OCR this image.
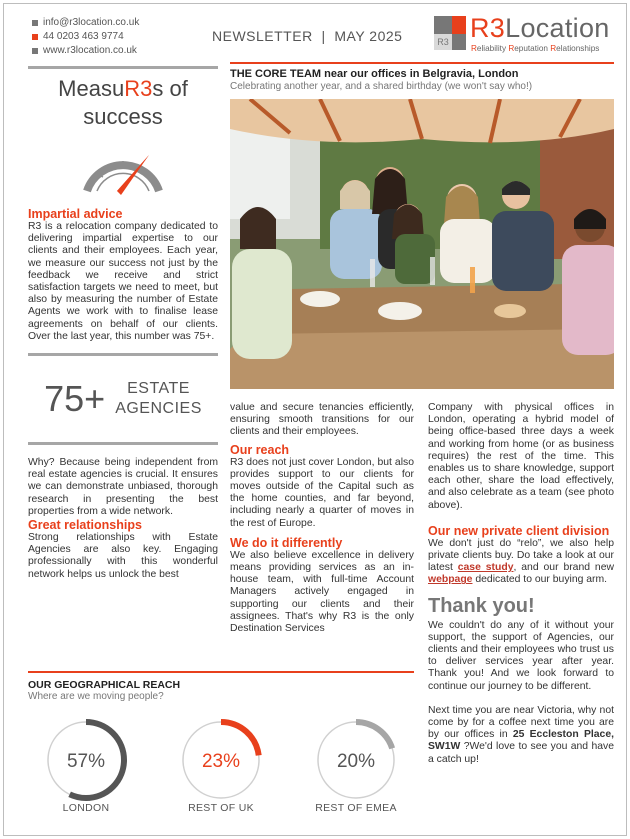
info@r3location.co.uk
44 0203 463 9774
www.r3location.co.uk
NEWSLETTER  |  MAY 2025	R3 R3Location
Reliability Reputation Relationships
MeasuR3s of
success
Impartial advice

R3 is a relocation company dedicated to delivering impartial expertise to our clients and their employees. Each year, we measure our success not just by the feedback we receive and strict satisfaction targets we need to meet, but also by measuring the number of Estate Agents we work with to finalise lease agreements on behalf of our clients. Over the last year, this number was 75+.

75+	ESTATE
AGENCIES

Why? Because being independent from real estate agencies is crucial. It ensures we can demonstrate unbiased, thorough research in presenting the best properties from a wide network.

Great relationships

Strong relationships with Estate Agencies are also key. Engaging professionally with this wonderful network helps us unlock the best

THE CORE TEAM near our offices in Belgravia, London
Celebrating another year, and a shared birthday (we won't say who!)

value and secure tenancies efficiently, ensuring smooth transitions for our clients and their employees.

Our reach

R3 does not just cover London, but also provides support to our clients for moves outside of the Capital such as the home counties, and far beyond, including nearly a quarter of moves in the rest of Europe.

We do it differently

We also believe excellence in delivery means providing services as an in-house team, with full-time Account Managers actively engaged in supporting our clients and their assignees. That's why R3 is the only Destination Services

Company with physical offices in London, operating a hybrid model of being office-based three days a week and working from home (or as business requires) the rest of the time. This enables us to share knowledge, support each other, share the load effectively, and also celebrate as a team (see photo above).

Our new private client division

We don't just do “relo”, we also help private clients buy. Do take a look at our latest case study, and our brand new webpage dedicated to our buying arm.

Thank you!

We couldn't do any of it without your support, the support of Agencies, our clients and their employees who trust us to deliver services year after year. Thank you! And we look forward to continue our journey to be different.

Next time you are near Victoria, why not come by for a coffee next time you are by our offices in 25 Eccleston Place, SW1W ?We'd love to see you and have a catch up!

OUR GEOGRAPHICAL REACH
Where are we moving people?
57%
LONDON
23%
REST OF UK
20%
REST OF EMEA
